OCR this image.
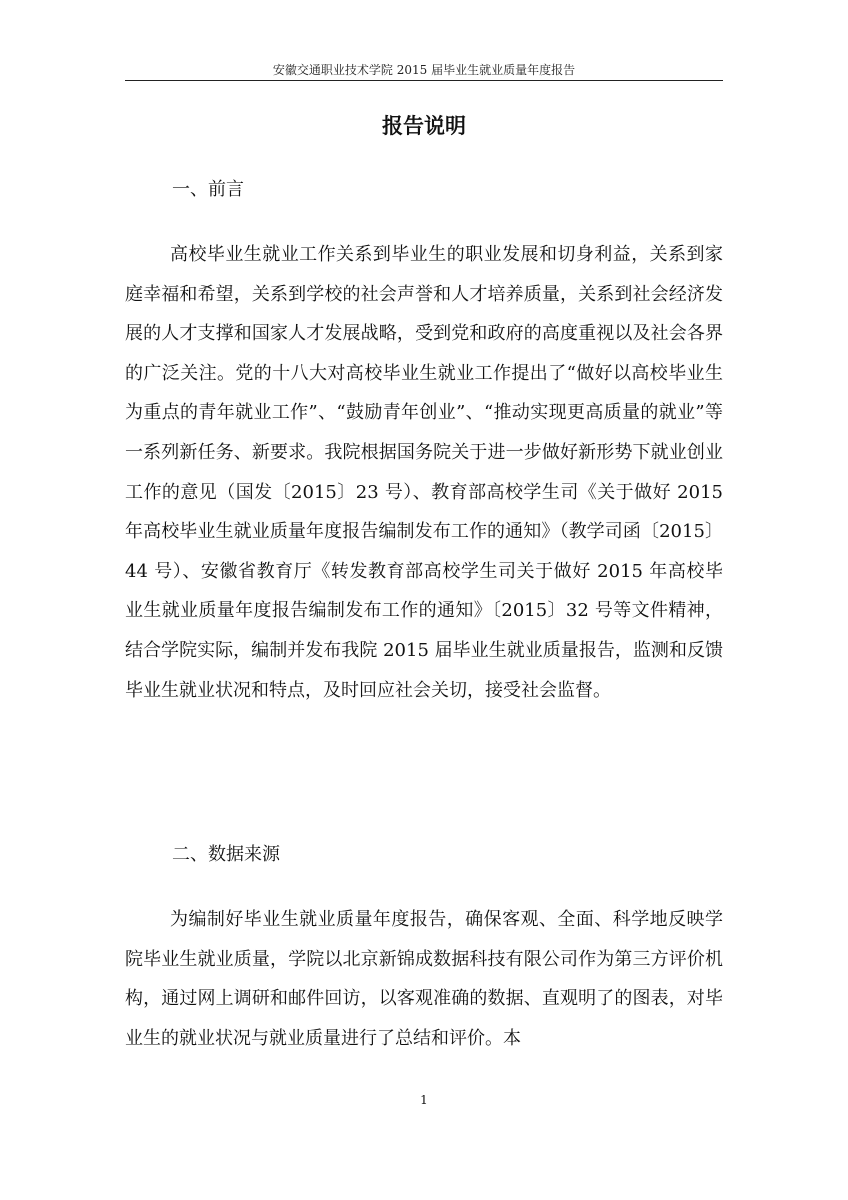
安徽交通职业技术学院 2015 届毕业生就业质量年度报告
报告说明
一、前言

高校毕业生就业工作关系到毕业生的职业发展和切身利益，关系到家庭幸福和希望，关系到学校的社会声誉和人才培养质量，关系到社会经济发展的人才支撑和国家人才发展战略，受到党和政府的高度重视以及社会各界的广泛关注。党的十八大对高校毕业生就业工作提出了“做好以高校毕业生为重点的青年就业工作”、“鼓励青年创业”、“推动实现更高质量的就业”等一系列新任务、新要求。我院根据国务院关于进一步做好新形势下就业创业工作的意见（国发〔2015〕23 号）、教育部高校学生司《关于做好 2015 年高校毕业生就业质量年度报告编制发布工作的通知》（教学司函〔2015〕44 号）、安徽省教育厅《转发教育部高校学生司关于做好 2015 年高校毕业生就业质量年度报告编制发布工作的通知》〔2015〕32 号等文件精神，结合学院实际，编制并发布我院 2015 届毕业生就业质量报告，监测和反馈毕业生就业状况和特点，及时回应社会关切，接受社会监督。

二、数据来源

为编制好毕业生就业质量年度报告，确保客观、全面、科学地反映学院毕业生就业质量，学院以北京新锦成数据科技有限公司作为第三方评价机构，通过网上调研和邮件回访，以客观准确的数据、直观明了的图表，对毕业生的就业状况与就业质量进行了总结和评价。本

1
